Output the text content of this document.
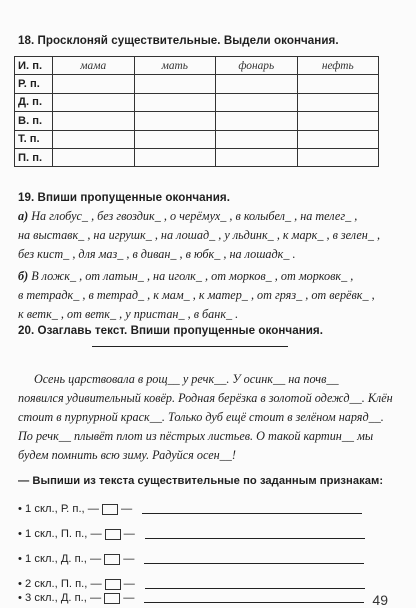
18. Просклоняй существительные. Выдели окончания.
И. п.	мама	мать	фонарь	нефть
Р. п.				
Д. п.				
В. п.				
Т. п.				
П. п.				
19. Впиши пропущенные окончания.
а) На глобус_ , без гвоздик_ , о черёмух_ , в колыбел_ , на телег_ ,
на выставк_ , на игрушк_ , на лошад_ , у льдинк_ , к марк_ , в зелен_ ,
без кист_ , для маз_ , в диван_ , в юбк_ , на лошадк_ .
б) В ложк_ , от латын_ , на иголк_ , от морков_ , от морковк_ ,
в тетрадк_ , в тетрад_ , к мам_ , к матер_ , от гряз_ , от верёвк_ ,
к ветк_ , от ветк_ , у пристан_ , в банк_ .
20. Озаглавь текст. Впиши пропущенные окончания.
Осень царствовала в рощ__ у речк__. У осинк__ на почв__
появился удивительный ковёр. Родная берёзка в золотой одежд__. Клён
стоит в пурпурной краск__. Только дуб ещё стоит в зелёном наряд__.
По речк__ плывёт плот из пёстрых листьев. О такой картин__ мы
будем помнить всю зиму. Радуйся осен__!
— Выпиши из текста существительные по заданным признакам:
• 1 скл., Р. п., — —
• 1 скл., П. п., — —
• 1 скл., Д. п., — —
• 2 скл., П. п., — —
• 3 скл., Д. п., — —	49
